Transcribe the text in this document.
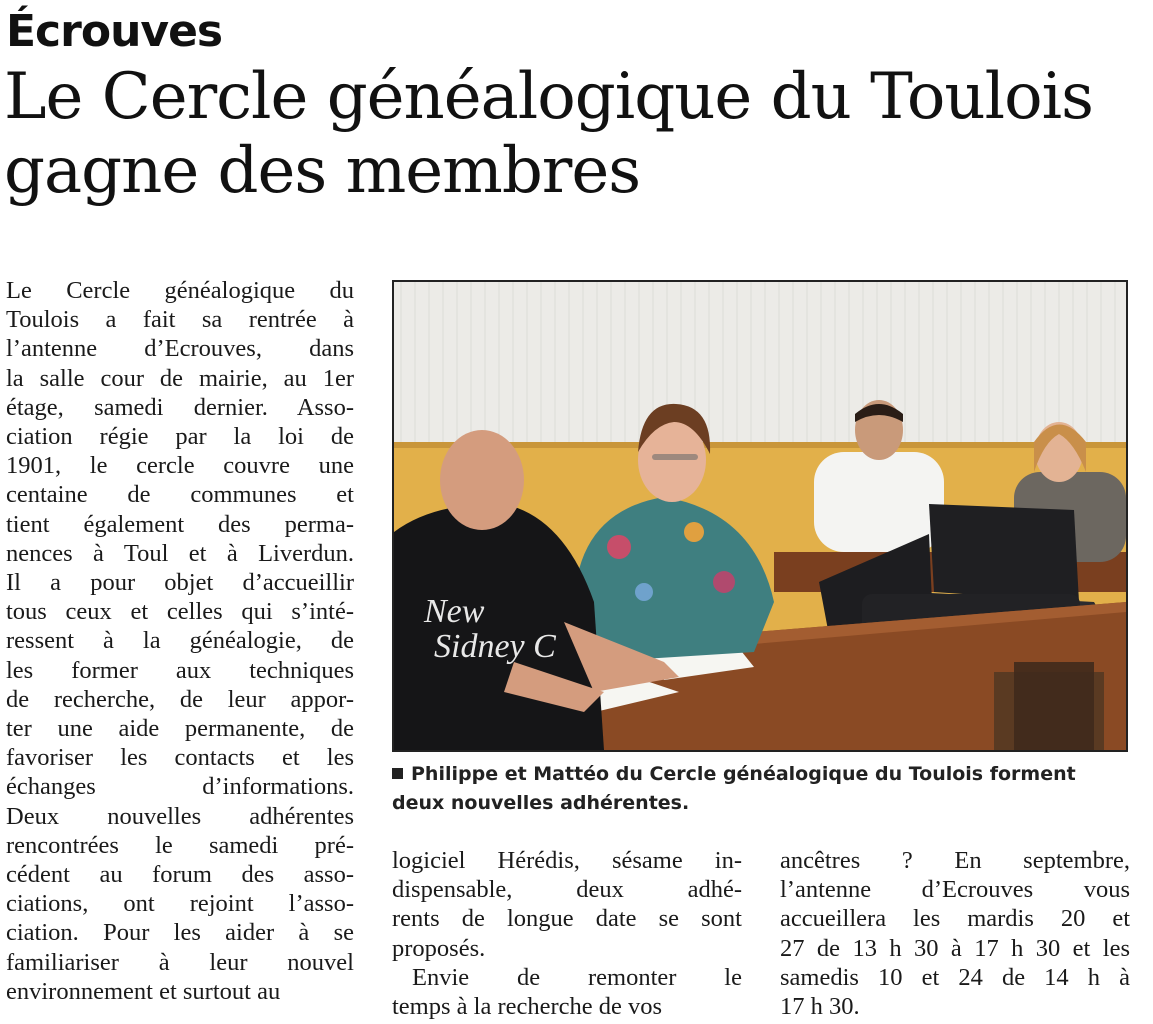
Écrouves
Le Cercle généalogique du Toulois
gagne des membres
Le Cercle généalogique du
Toulois a fait sa rentrée à
l’antenne d’Ecrouves, dans
la salle cour de mairie, au 1er
étage, samedi dernier. Asso-
ciation régie par la loi de
1901, le cercle couvre une
centaine de communes et
tient également des perma-
nences à Toul et à Liverdun.
Il a pour objet d’accueillir
tous ceux et celles qui s’inté-
ressent à la généalogie, de
les former aux techniques
de recherche, de leur appor-
ter une aide permanente, de
favoriser les contacts et les
échanges d’informations.
Deux nouvelles adhérentes
rencontrées le samedi pré-
cédent au forum des asso-
ciations, ont rejoint l’asso-
ciation. Pour les aider à se
familiariser à leur nouvel
environnement et surtout au
New
Sidney C
Philippe et Mattéo du Cercle généalogique du Toulois forment
deux nouvelles adhérentes.
logiciel Hérédis, sésame in-
dispensable, deux adhé-
rents de longue date se sont
proposés.
Envie de remonter le
temps à la recherche de vos
ancêtres ? En septembre,
l’antenne d’Ecrouves vous
accueillera les mardis 20 et
27 de 13 h 30 à 17 h 30 et les
samedis 10 et 24 de 14 h à
17 h 30.
